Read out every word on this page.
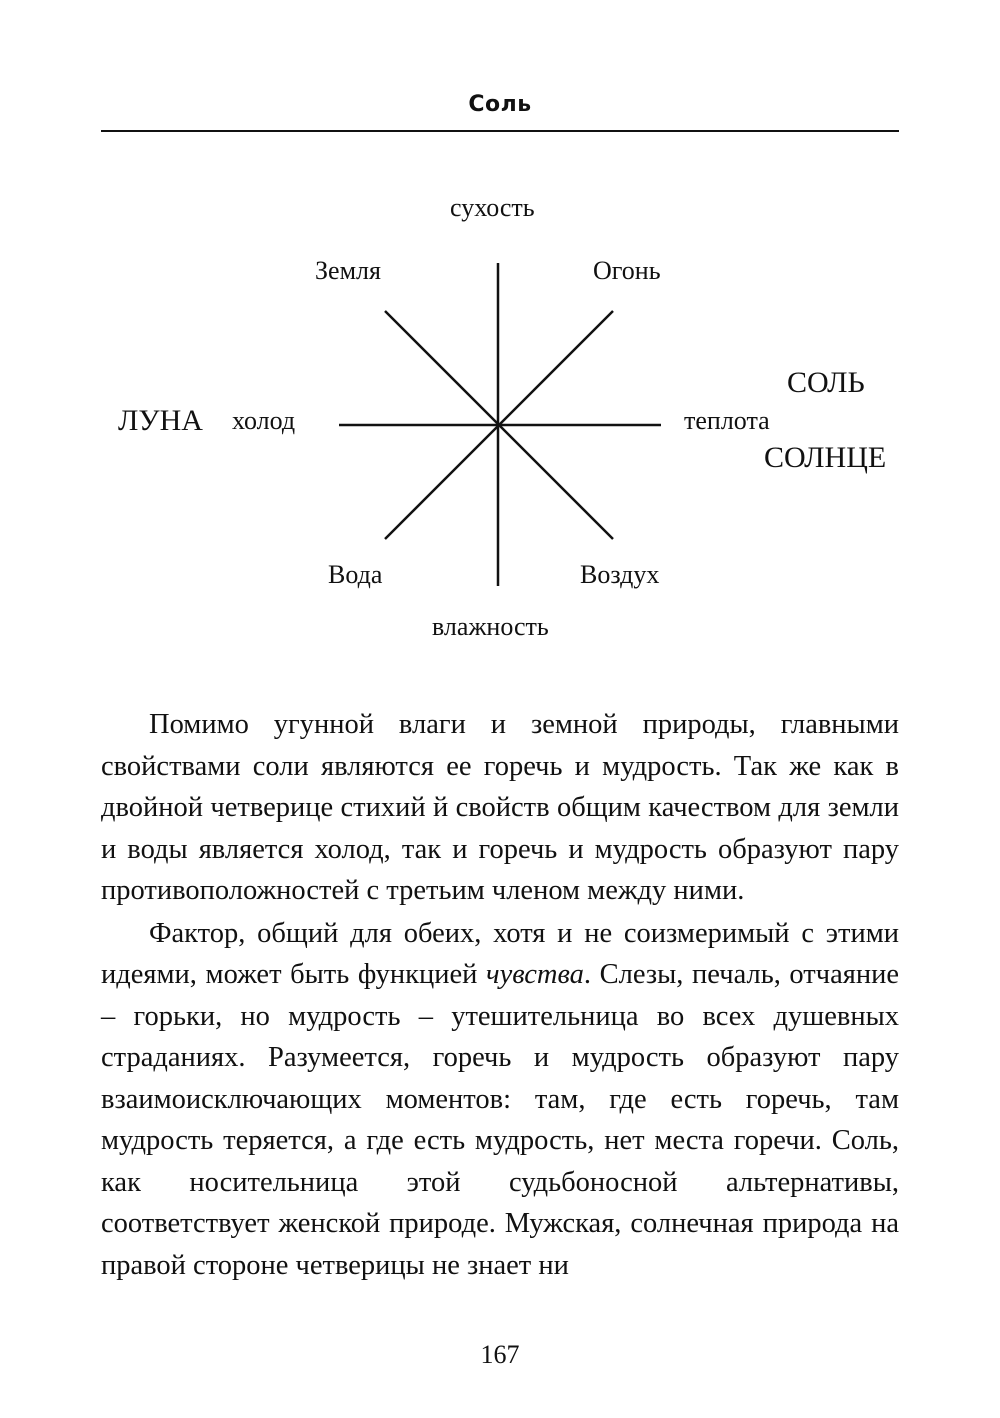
Соль
сухость
Земля	Огонь
СОЛЬ
ЛУНА холод	теплота
СОЛНЦЕ
Вода	Воздух
влажность

Помимо угунной влаги и земной природы, главными свойствами соли являются ее горечь и мудрость. Так же как в двойной четверице стихий й свойств общим качеством для земли и воды является холод, так и горечь и мудрость образуют пару противоположностей с третьим членом между ними.

Фактор, общий для обеих, хотя и не соизмеримый с этими идеями, может быть функцией чувства. Слезы, печаль, отчаяние – горьки, но мудрость – утешительница во всех душевных страданиях. Разумеется, горечь и мудрость образуют пару взаимоисключающих моментов: там, где есть горечь, там мудрость теряется, а где есть мудрость, нет места горечи. Соль, как носительница этой судьбоносной альтернативы, соответствует женской природе. Мужская, солнечная природа на правой стороне четверицы не знает ни

167
